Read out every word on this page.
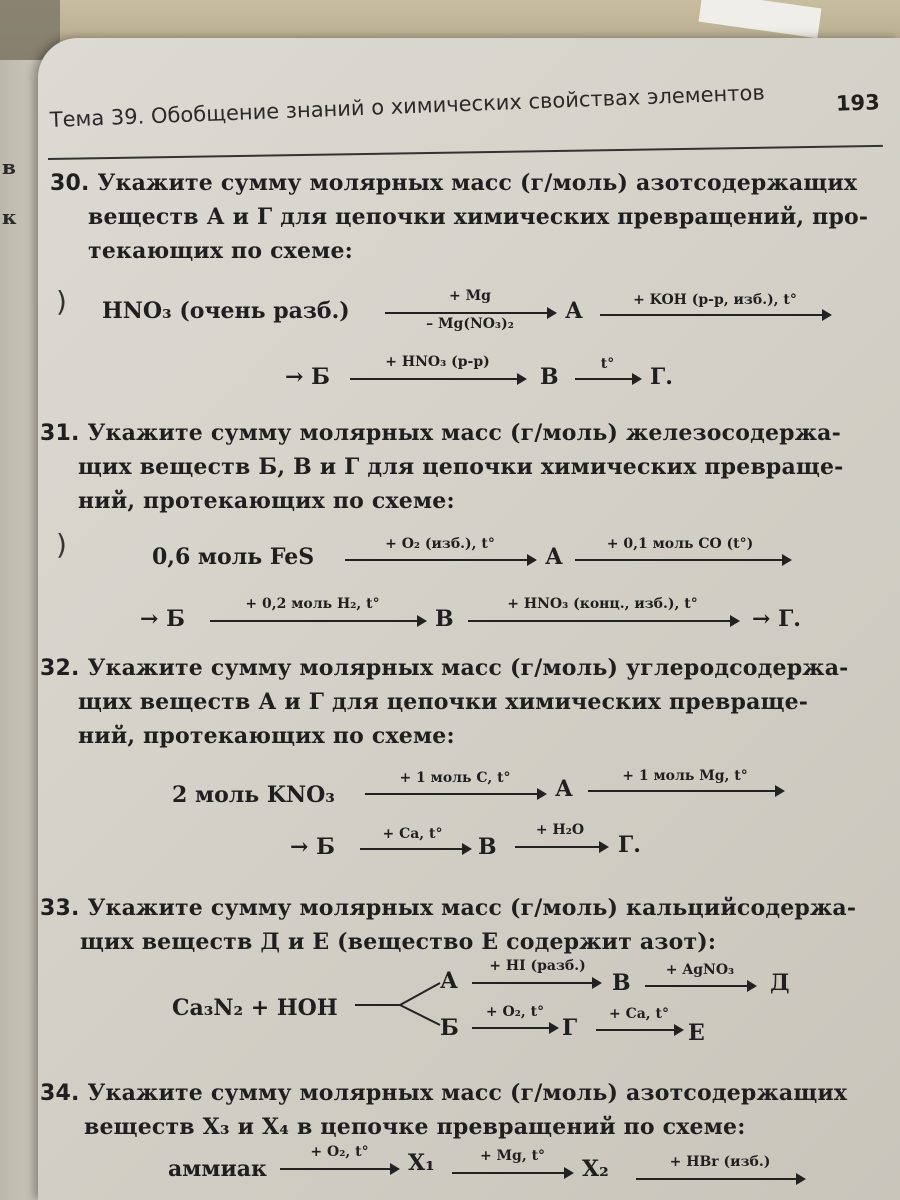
в
к
Тема 39. Обобщение знаний о химических свойствах элементов	193
30. Укажите сумму молярных масс (г/моль) азотсодержащих
веществ А и Г для цепочки химических превращений, про-
текающих по схеме:
) HNO₃ (очень разб.)
+ Mg
– Mg(NO₃)₂	А	+ KOH (р-р, изб.), t°
→ Б
+ HNO₃ (р-р)
В	t°	Г.
31. Укажите сумму молярных масс (г/моль) железосодержа-
щих веществ Б, В и Г для цепочки химических превраще-
ний, протекающих по схеме:
)	0,6 моль FeS	+ O₂ (изб.), t°	А	+ 0,1 моль CO (t°)
→ Б
+ 0,2 моль H₂, t°
В
+ HNO₃ (конц., изб.), t°
→ Г.
32. Укажите сумму молярных масс (г/моль) углеродсодержа-
щих веществ А и Г для цепочки химических превраще-
ний, протекающих по схеме:
2 моль KNO₃
+ 1 моль C, t°	А	+ 1 моль Mg, t°
→ Б	+ Ca, t°	В
+ H₂O
Г.
33. Укажите сумму молярных масс (г/моль) кальцийсодержа-
щих веществ Д и Е (вещество Е содержит азот):
Ca₃N₂ + HOH
А
+ HI (разб.)
В	+ AgNO₃	Д
Б
+ O₂, t°
Г
+ Ca, t°
Е
34. Укажите сумму молярных масс (г/моль) азотсодержащих
веществ X₃ и X₄ в цепочке превращений по схеме:
аммиак
+ O₂, t°	X₁	+ Mg, t°	X₂	+ HBr (изб.)
